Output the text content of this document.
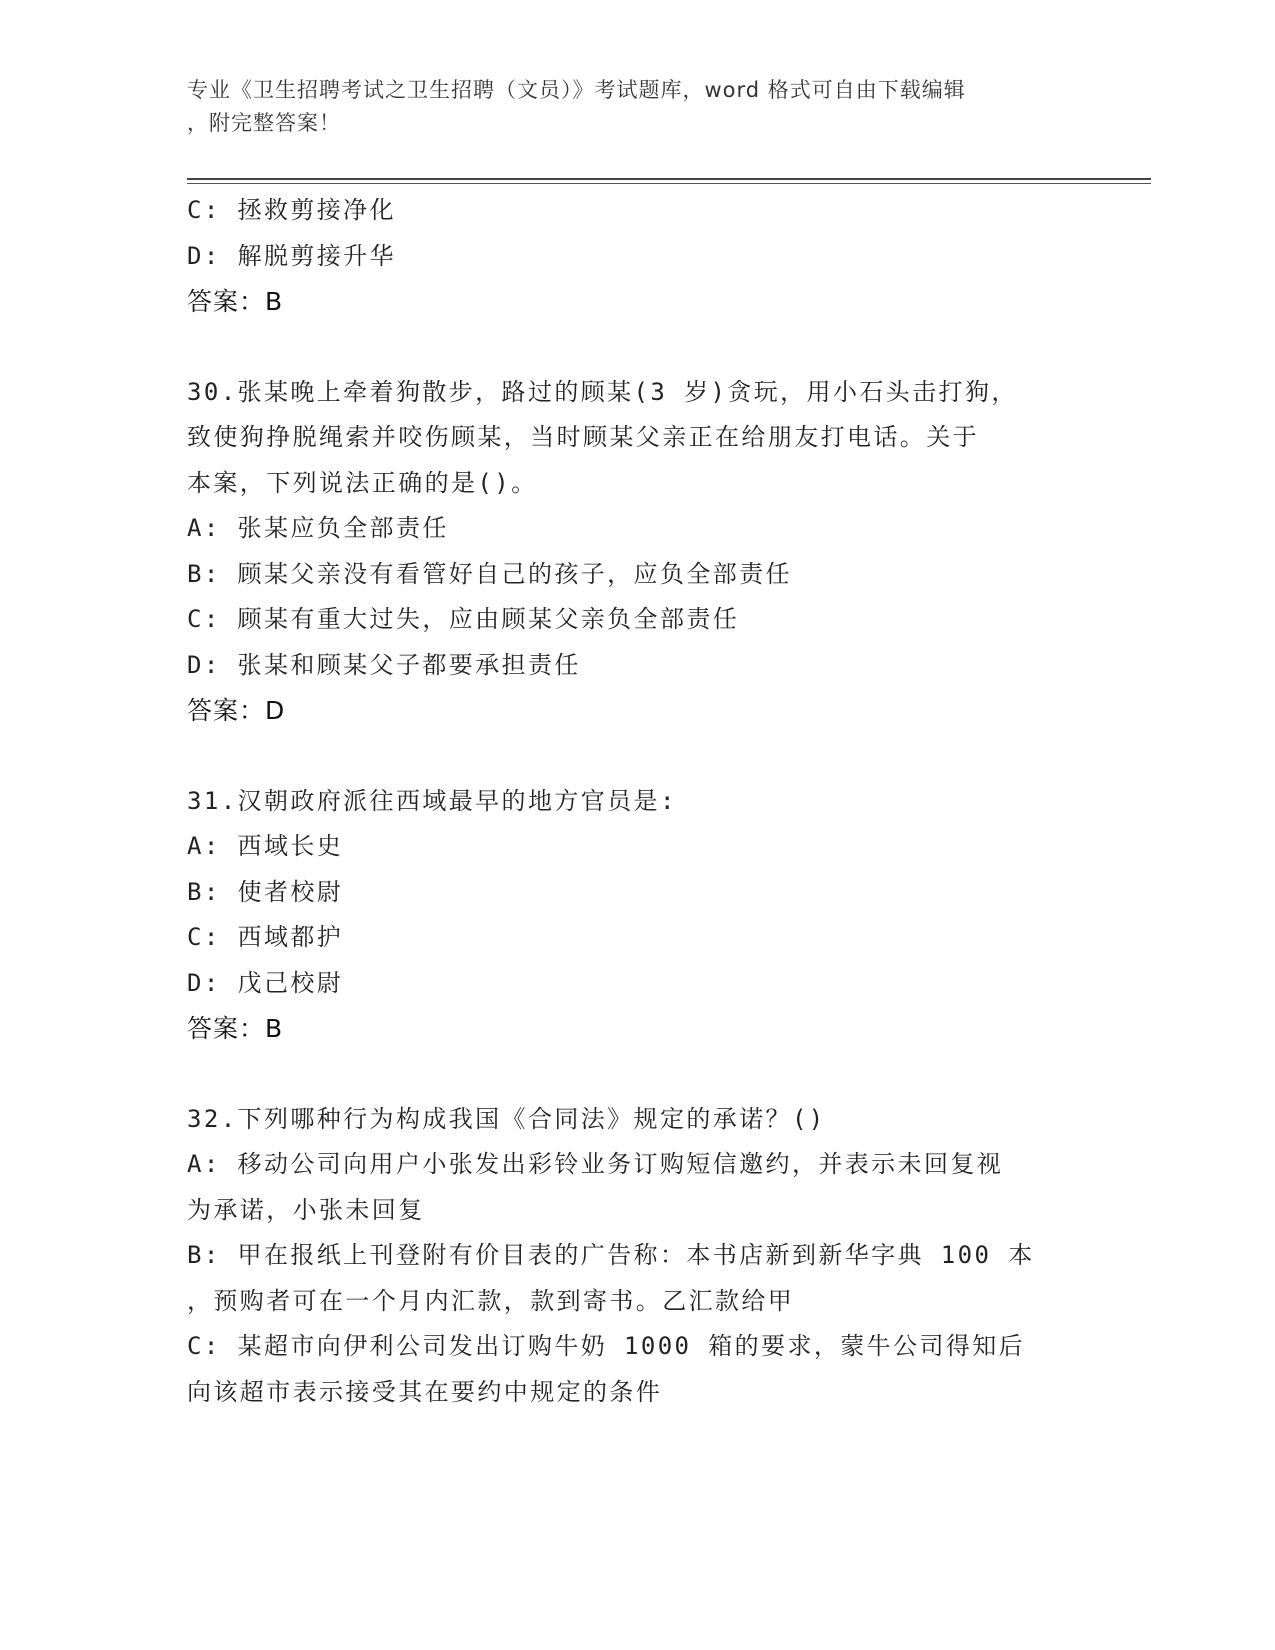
专业《卫生招聘考试之卫生招聘（文员）》考试题库，word 格式可自由下载编辑
，附完整答案！
C: 拯救剪接净化
D: 解脱剪接升华
答案：B
30.张某晚上牵着狗散步，路过的顾某(3 岁)贪玩，用小石头击打狗，
致使狗挣脱绳索并咬伤顾某，当时顾某父亲正在给朋友打电话。关于
本案，下列说法正确的是()。
A: 张某应负全部责任
B: 顾某父亲没有看管好自己的孩子，应负全部责任
C: 顾某有重大过失，应由顾某父亲负全部责任
D: 张某和顾某父子都要承担责任
答案：D
31.汉朝政府派往西域最早的地方官员是:
A: 西域长史
B: 使者校尉
C: 西域都护
D: 戊己校尉
答案：B
32.下列哪种行为构成我国《合同法》规定的承诺？()
A: 移动公司向用户小张发出彩铃业务订购短信邀约，并表示未回复视
为承诺，小张未回复
B: 甲在报纸上刊登附有价目表的广告称：本书店新到新华字典 100 本
，预购者可在一个月内汇款，款到寄书。乙汇款给甲
C: 某超市向伊利公司发出订购牛奶 1000 箱的要求，蒙牛公司得知后
向该超市表示接受其在要约中规定的条件
